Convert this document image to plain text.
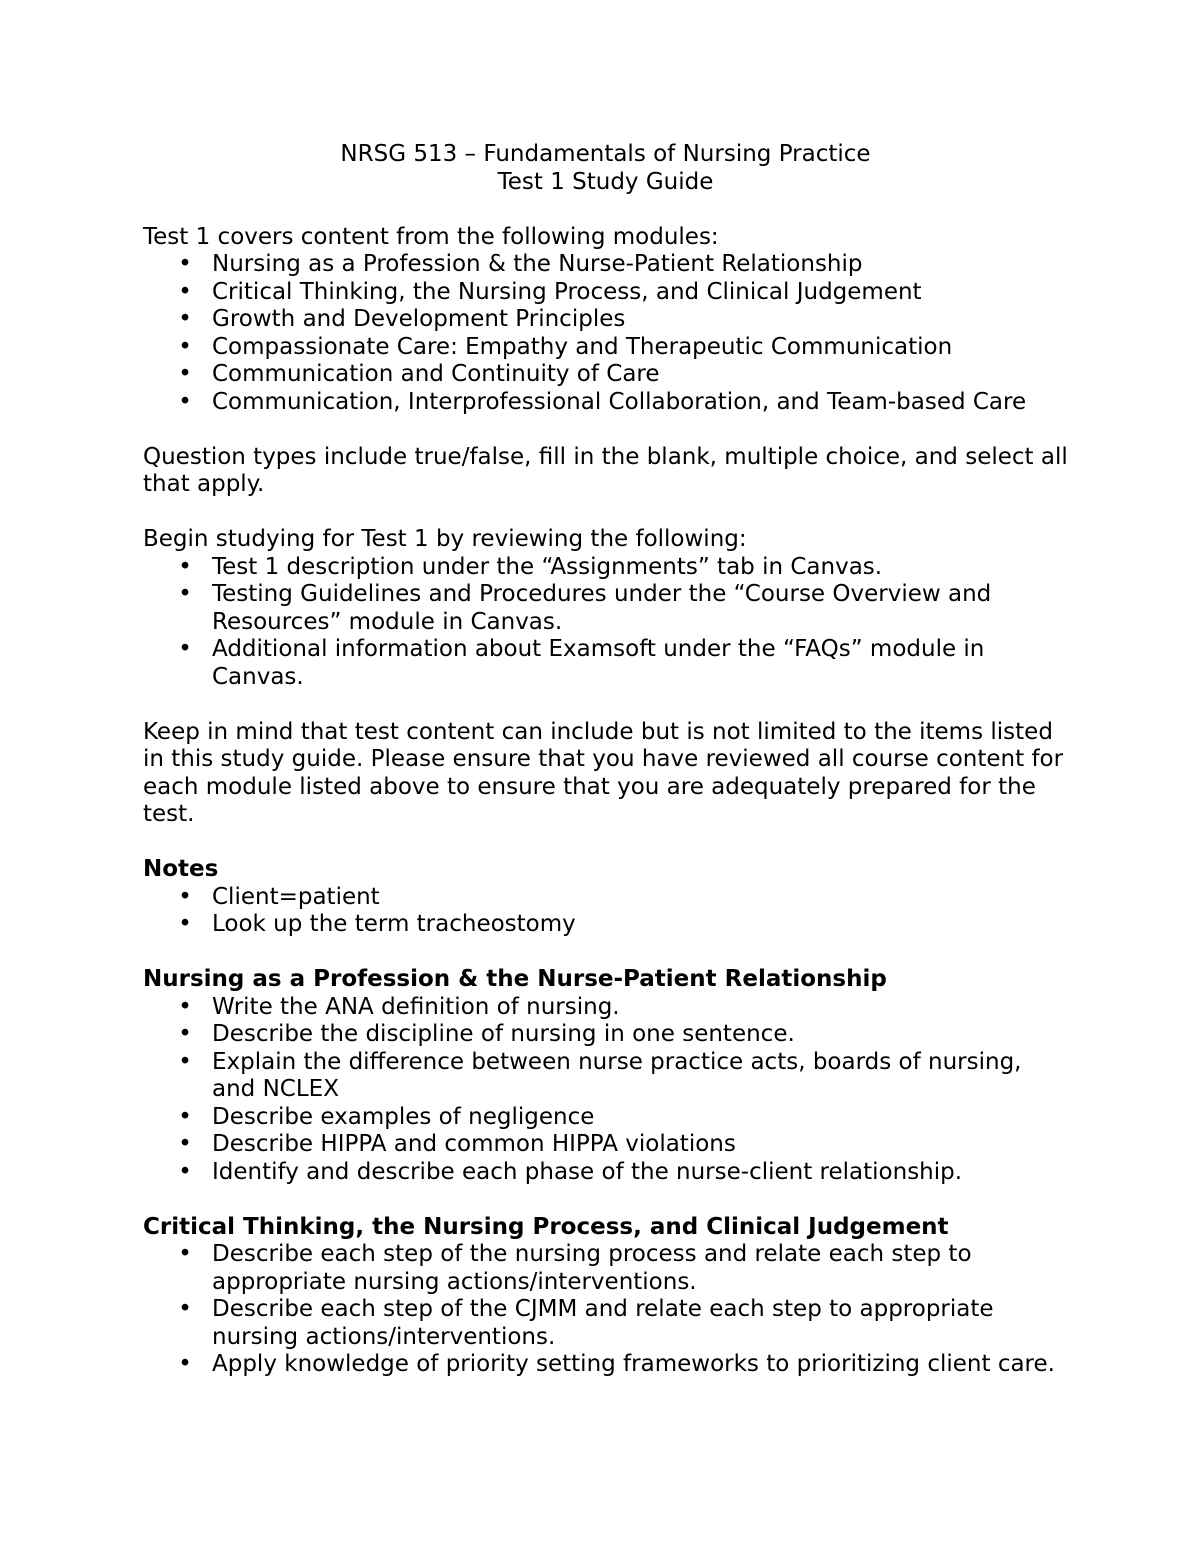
NRSG 513 – Fundamentals of Nursing Practice
Test 1 Study Guide

Test 1 covers content from the following modules:

• Nursing as a Profession & the Nurse-Patient Relationship
• Critical Thinking, the Nursing Process, and Clinical Judgement
• Growth and Development Principles
• Compassionate Care: Empathy and Therapeutic Communication
• Communication and Continuity of Care
• Communication, Interprofessional Collaboration, and Team-based Care

Question types include true/false, fill in the blank, multiple choice, and select all that apply.

Begin studying for Test 1 by reviewing the following:

• Test 1 description under the “Assignments” tab in Canvas.
• Testing Guidelines and Procedures under the “Course Overview and Resources” module in Canvas.
• Additional information about Examsoft under the “FAQs” module in Canvas.

Keep in mind that test content can include but is not limited to the items listed in this study guide. Please ensure that you have reviewed all course content for each module listed above to ensure that you are adequately prepared for the test.

Notes

• Client=patient
• Look up the term tracheostomy

Nursing as a Profession & the Nurse-Patient Relationship

• Write the ANA definition of nursing.
• Describe the discipline of nursing in one sentence.
• Explain the difference between nurse practice acts, boards of nursing, and NCLEX
• Describe examples of negligence
• Describe HIPPA and common HIPPA violations
• Identify and describe each phase of the nurse-client relationship.

Critical Thinking, the Nursing Process, and Clinical Judgement

• Describe each step of the nursing process and relate each step to appropriate nursing actions/interventions.
• Describe each step of the CJMM and relate each step to appropriate nursing actions/interventions.
• Apply knowledge of priority setting frameworks to prioritizing client care.
